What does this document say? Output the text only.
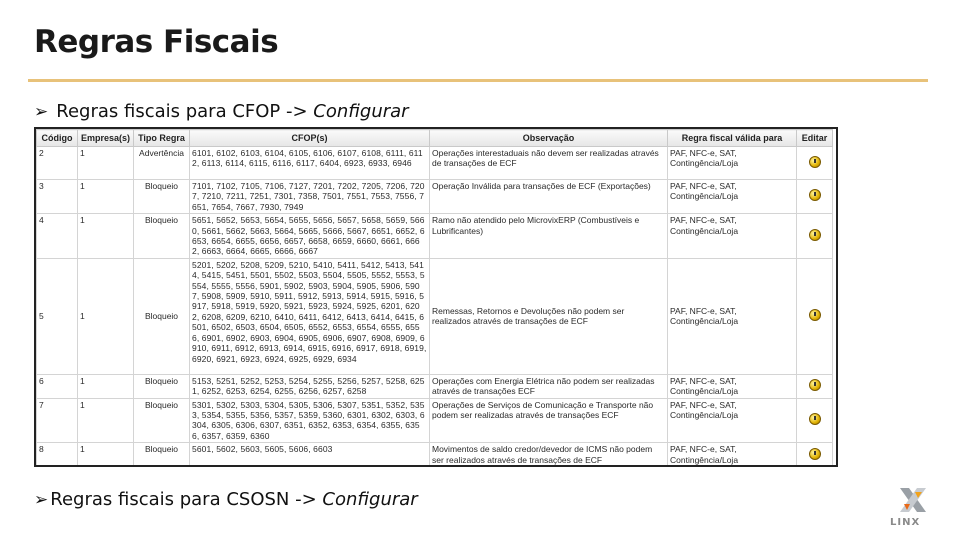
Regras Fiscais
➢ Regras fiscais para CFOP -> Configurar
Código	Empresa(s)	Tipo Regra	CFOP(s)	Observação	Regra fiscal válida para	Editar
2	1	Advertência	6101, 6102, 6103, 6104, 6105, 6106, 6107, 6108, 6111, 6112, 6113, 6114, 6115, 6116, 6117, 6404, 6923, 6933, 6946	Operações interestaduais não devem ser realizadas através de transações de ECF	PAF, NFC-e, SAT, Contingência/Loja	
3	1	Bloqueio	7101, 7102, 7105, 7106, 7127, 7201, 7202, 7205, 7206, 7207, 7210, 7211, 7251, 7301, 7358, 7501, 7551, 7553, 7556, 7651, 7654, 7667, 7930, 7949	Operação Inválida para transações de ECF (Exportações)	PAF, NFC-e, SAT, Contingência/Loja	
4	1	Bloqueio	5651, 5652, 5653, 5654, 5655, 5656, 5657, 5658, 5659, 5660, 5661, 5662, 5663, 5664, 5665, 5666, 5667, 6651, 6652, 6653, 6654, 6655, 6656, 6657, 6658, 6659, 6660, 6661, 6662, 6663, 6664, 6665, 6666, 6667	Ramo não atendido pelo MicrovixERP (Combustíveis e Lubrificantes)	PAF, NFC-e, SAT, Contingência/Loja	
5	1	Bloqueio	5201, 5202, 5208, 5209, 5210, 5410, 5411, 5412, 5413, 5414, 5415, 5451, 5501, 5502, 5503, 5504, 5505, 5552, 5553, 5554, 5555, 5556, 5901, 5902, 5903, 5904, 5905, 5906, 5907, 5908, 5909, 5910, 5911, 5912, 5913, 5914, 5915, 5916, 5917, 5918, 5919, 5920, 5921, 5923, 5924, 5925, 6201, 6202, 6208, 6209, 6210, 6410, 6411, 6412, 6413, 6414, 6415, 6501, 6502, 6503, 6504, 6505, 6552, 6553, 6554, 6555, 6556, 6901, 6902, 6903, 6904, 6905, 6906, 6907, 6908, 6909, 6910, 6911, 6912, 6913, 6914, 6915, 6916, 6917, 6918, 6919, 6920, 6921, 6923, 6924, 6925, 6929, 6934	Remessas, Retornos e Devoluções não podem ser realizados através de transações de ECF	PAF, NFC-e, SAT, Contingência/Loja	
6	1	Bloqueio	5153, 5251, 5252, 5253, 5254, 5255, 5256, 5257, 5258, 6251, 6252, 6253, 6254, 6255, 6256, 6257, 6258	Operações com Energia Elétrica não podem ser realizadas através de transações ECF	PAF, NFC-e, SAT, Contingência/Loja	
7	1	Bloqueio	5301, 5302, 5303, 5304, 5305, 5306, 5307, 5351, 5352, 5353, 5354, 5355, 5356, 5357, 5359, 5360, 6301, 6302, 6303, 6304, 6305, 6306, 6307, 6351, 6352, 6353, 6354, 6355, 6356, 6357, 6359, 6360	Operações de Serviços de Comunicação e Transporte não podem ser realizadas através de transações ECF	PAF, NFC-e, SAT, Contingência/Loja	
8	1	Bloqueio	5601, 5602, 5603, 5605, 5606, 6603	Movimentos de saldo credor/devedor de ICMS não podem ser realizados através de transações de ECF	PAF, NFC-e, SAT, Contingência/Loja	
➢ Regras fiscais para CSOSN -> Configurar
LINX
